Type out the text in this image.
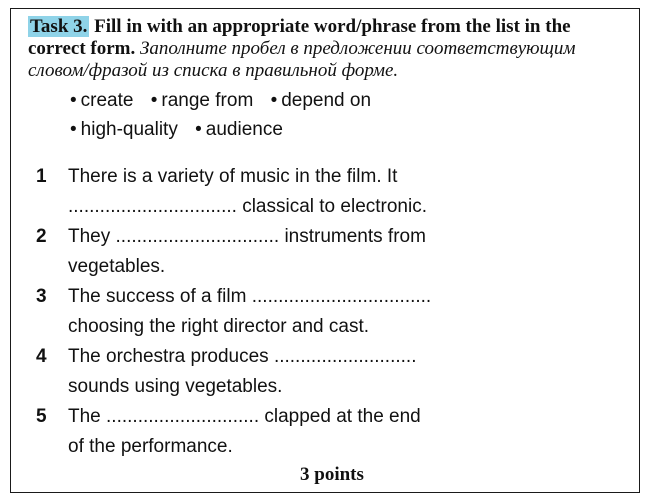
Task 3. Fill in with an appropriate word/phrase from the list in the correct form. Заполните пробел в предложении соответствующим словом/фразой из списка в правильной форме.
• create • range from • depend on
• high-quality • audience
1 There is a variety of music in the film. It
................................ classical to electronic.
2 They ............................... instruments from
vegetables.
3 The success of a film ..................................
choosing the right director and cast.
4 The orchestra produces ...........................
sounds using vegetables.
5 The ............................. clapped at the end
of the performance.
3 points
